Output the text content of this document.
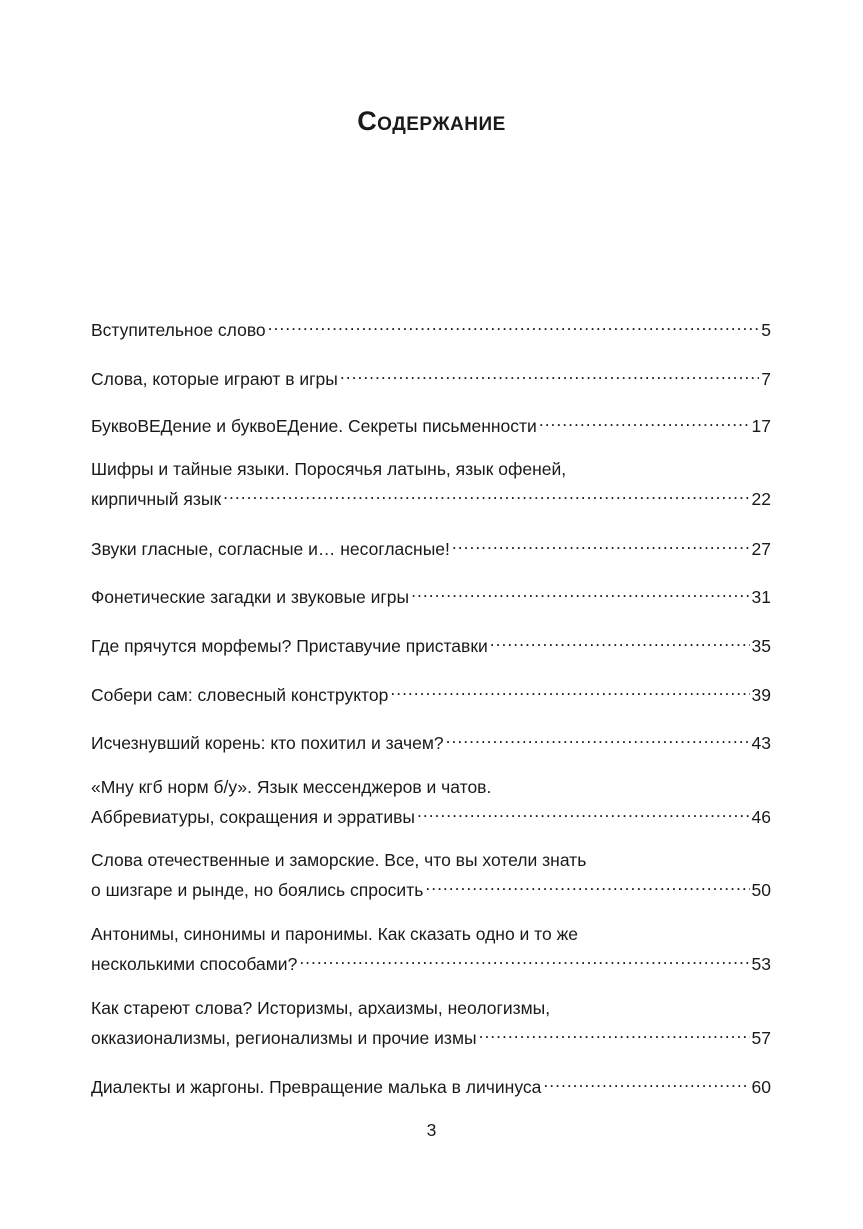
Содержание
Вступительное слово .....	5
Слова, которые играют в игры .....	7
БуквоВЕДение и буквоЕДение. Секреты письменности .....	17
Шифры и тайные языки. Поросячья латынь, язык офеней,
кирпичный язык .....	22
Звуки гласные, согласные и… несогласные! .....	27
Фонетические загадки и звуковые игры .....	31
Где прячутся морфемы? Приставучие приставки .....	35
Собери сам: словесный конструктор .....	39
Исчезнувший корень: кто похитил и зачем? .....	43
«Мну кгб норм б/у». Язык мессенджеров и чатов.
Аббревиатуры, сокращения и эрративы .....	46
Слова отечественные и заморские. Все, что вы хотели знать
о шизгаре и рынде, но боялись спросить .....	50
Антонимы, синонимы и паронимы. Как сказать одно и то же
несколькими способами? .....	53
Как стареют слова? Историзмы, архаизмы, неологизмы,
окказионализмы, регионализмы и прочие измы .....	57
Диалекты и жаргоны. Превращение малька в личинуса .....	60
3
